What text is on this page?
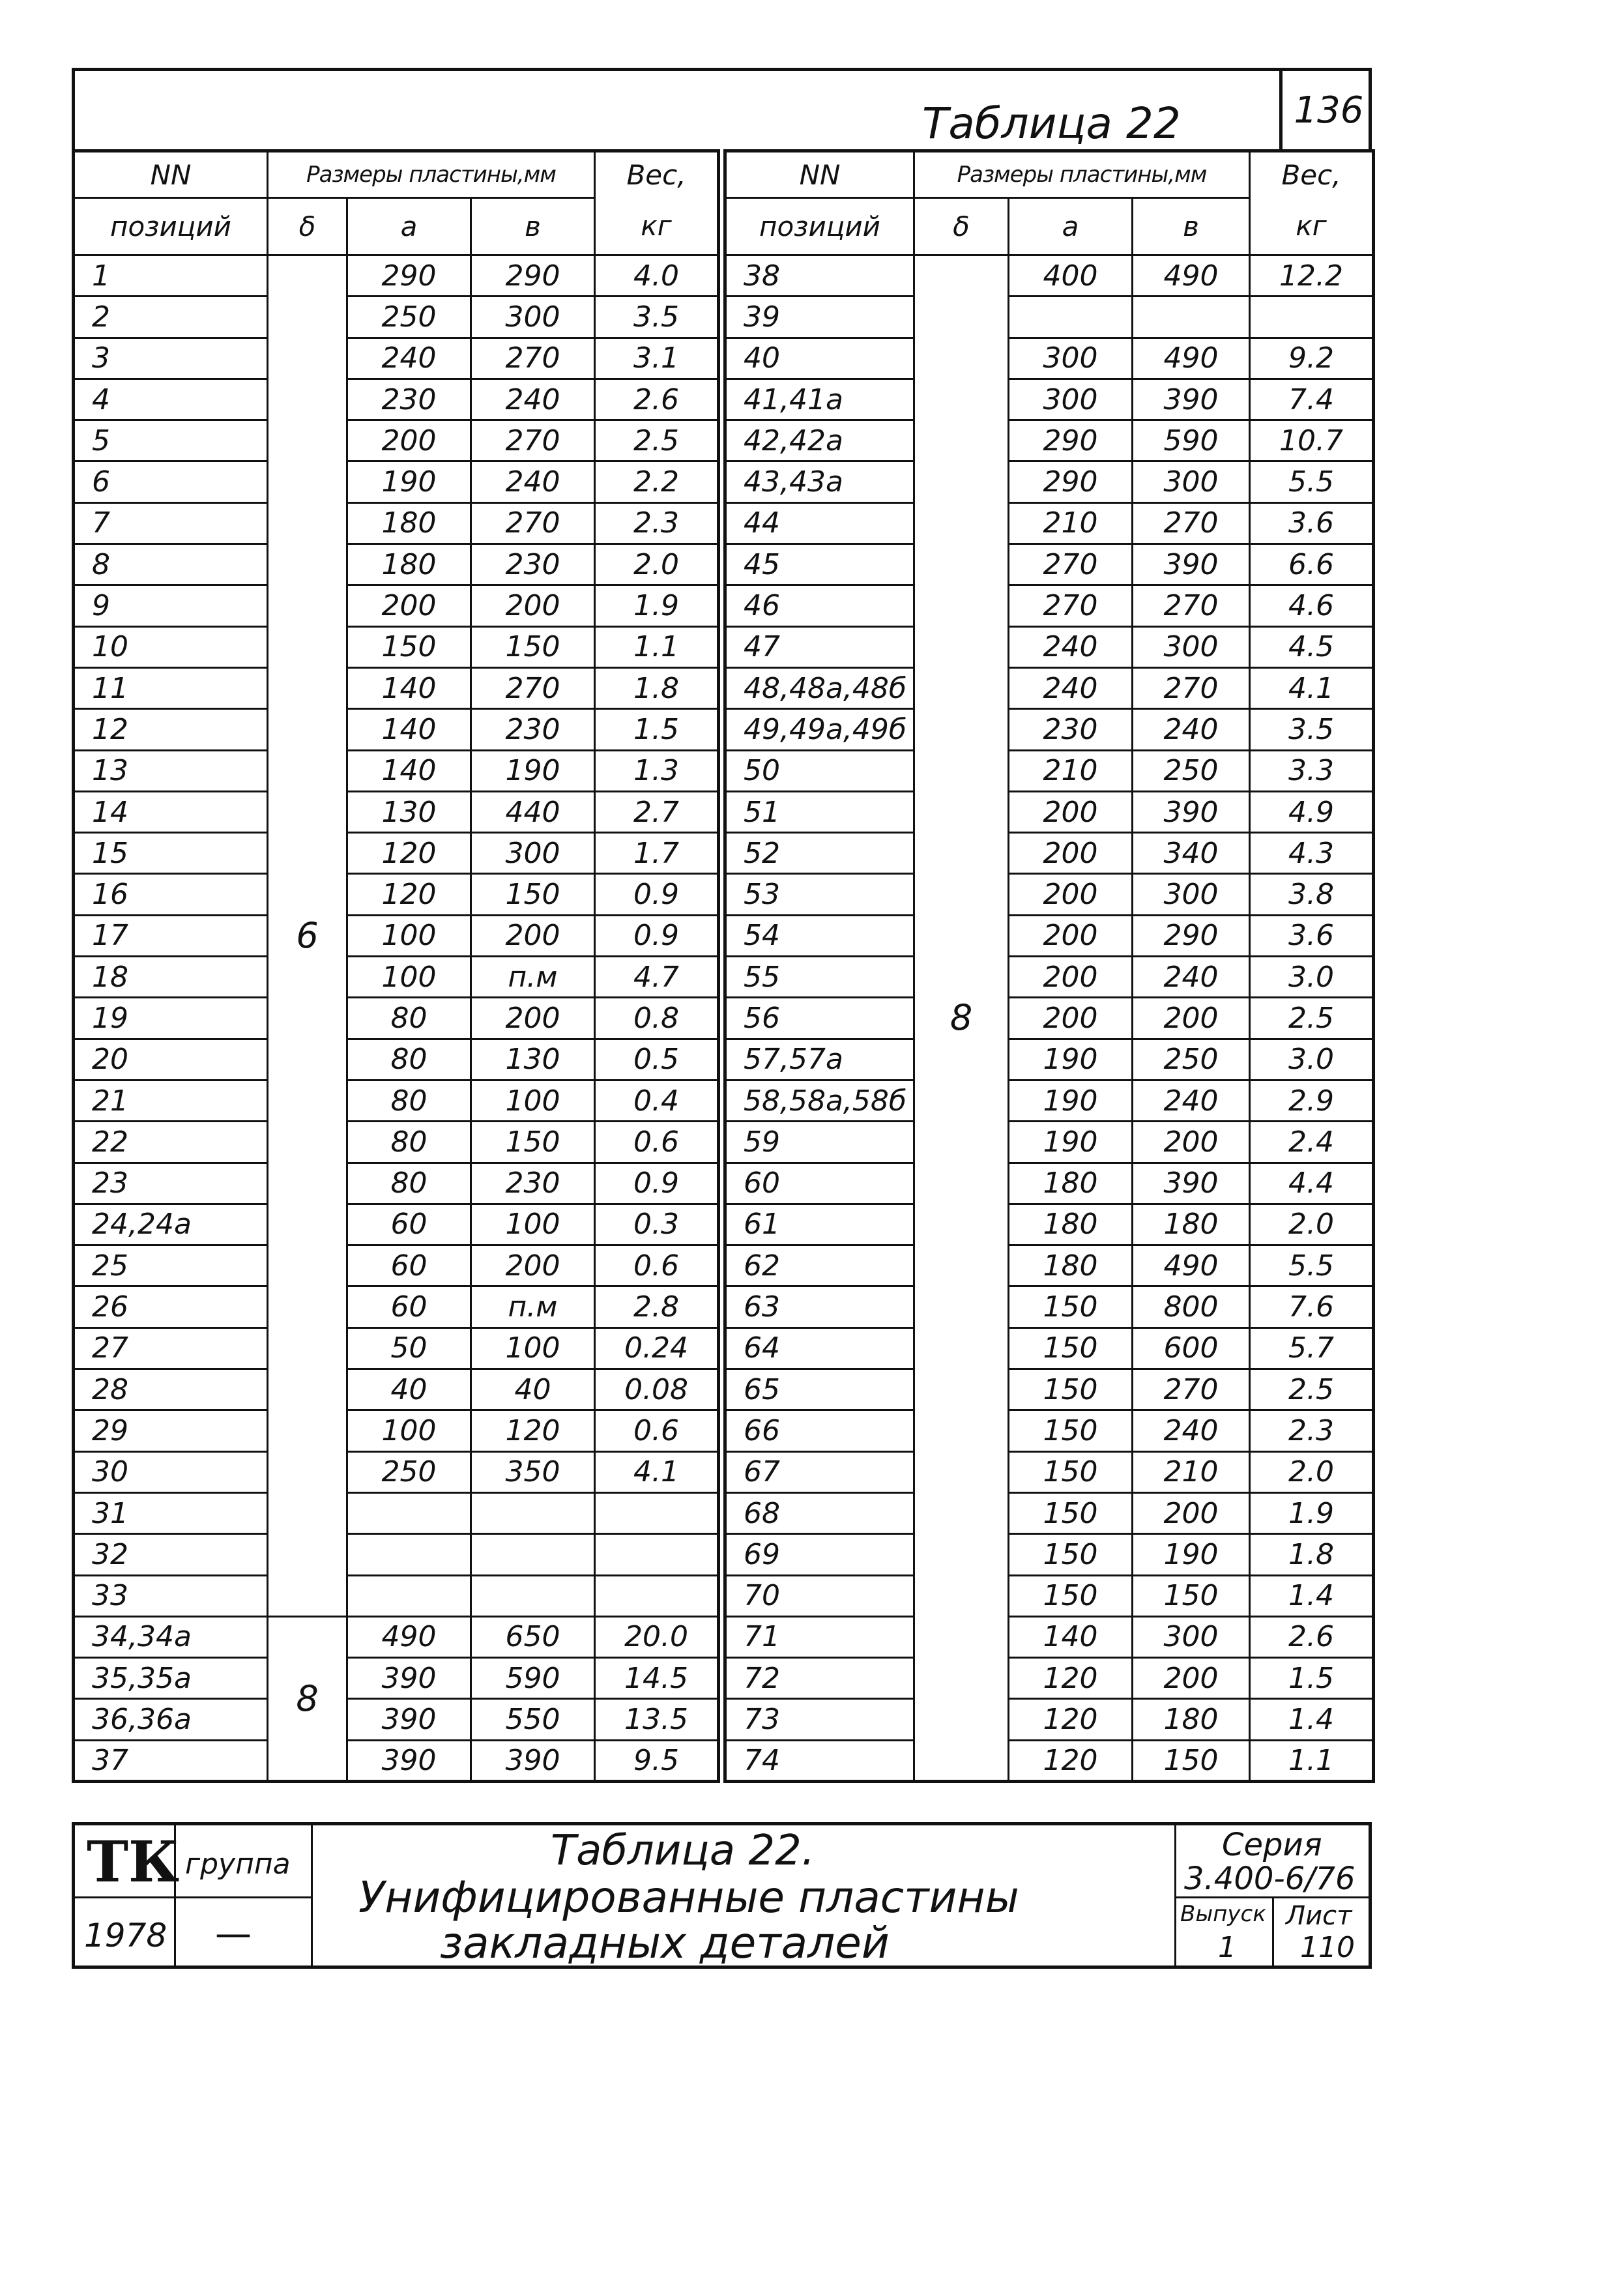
Таблица 22	136
NN	Размеры пластины,мм			Вес,
позиций	δ	а	в	кг
1	6	290	290	4.0
2		250	300	3.5
3		240	270	3.1
4		230	240	2.6
5		200	270	2.5
6		190	240	2.2
7		180	270	2.3
8		180	230	2.0
9		200	200	1.9
10		150	150	1.1
11		140	270	1.8
12		140	230	1.5
13		140	190	1.3
14		130	440	2.7
15		120	300	1.7
16		120	150	0.9
17		100	200	0.9
18		100	п.м	4.7
19		80	200	0.8
20		80	130	0.5
21		80	100	0.4
22		80	150	0.6
23		80	230	0.9
24,24а		60	100	0.3
25		60	200	0.6
26		60	п.м	2.8
27		50	100	0.24
28		40	40	0.08
29		100	120	0.6
30		250	350	4.1
31				
32				
33				
34,34а	8	490	650	20.0
35,35а		390	590	14.5
36,36а		390	550	13.5
37		390	390	9.5
NN	Размеры пластины,мм			Вес,
позиций	δ	а	в	кг
38	8	400	490	12.2
39				
40		300	490	9.2
41,41а		300	390	7.4
42,42а		290	590	10.7
43,43а		290	300	5.5
44		210	270	3.6
45		270	390	6.6
46		270	270	4.6
47		240	300	4.5
48,48а,48б		240	270	4.1
49,49а,49б		230	240	3.5
50		210	250	3.3
51		200	390	4.9
52		200	340	4.3
53		200	300	3.8
54		200	290	3.6
55		200	240	3.0
56		200	200	2.5
57,57а		190	250	3.0
58,58а,58б		190	240	2.9
59		190	200	2.4
60		180	390	4.4
61		180	180	2.0
62		180	490	5.5
63		150	800	7.6
64		150	600	5.7
65		150	270	2.5
66		150	240	2.3
67		150	210	2.0
68		150	200	1.9
69		150	190	1.8
70		150	150	1.4
71		140	300	2.6
72		120	200	1.5
73		120	180	1.4
74		120	150	1.1
ТК группа
1978 —
Таблица 22.
Унифицированные пластины
закладных деталей
Серия
3.400-6/76
Выпуск
1
Лист
110
